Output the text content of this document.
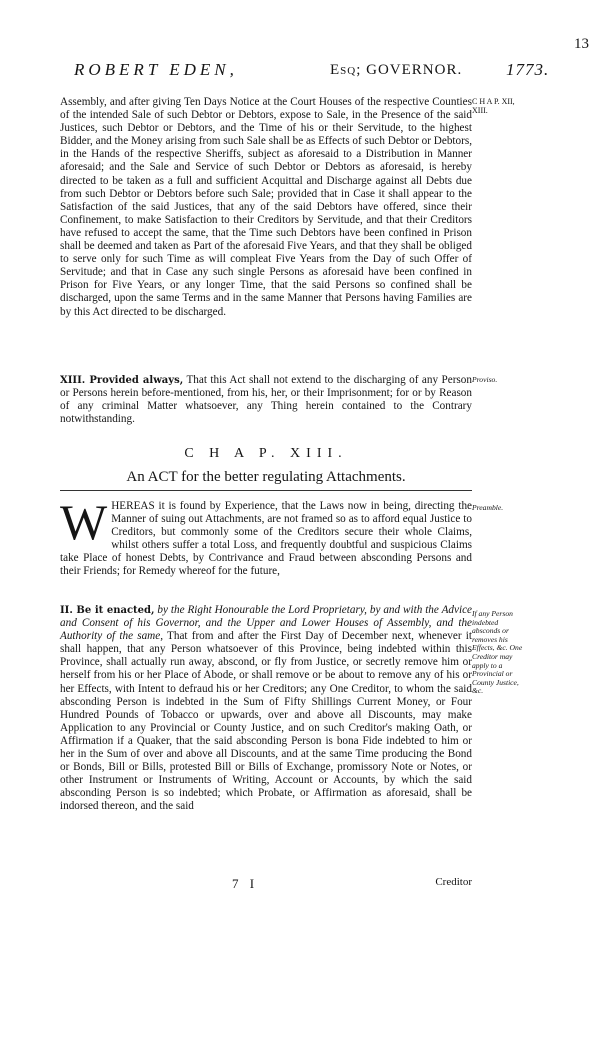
13
ROBERT EDEN,	Esq; GOVERNOR.	1773.
C H A P. XII, XIII.
Proviso.
Preamble.
If any Person indebted absconds or removes his Effects, &c. One Creditor may apply to a Provincial or County Justice, &c.

Assembly, and after giving Ten Days Notice at the Court Houses of the respective Counties of the intended Sale of such Debtor or Debtors, expose to Sale, in the Presence of the said Justices, such Debtor or Debtors, and the Time of his or their Servitude, to the highest Bidder, and the Money arising from such Sale shall be as Effects of such Debtor or Debtors, in the Hands of the respective Sheriffs, subject as aforesaid to a Distribution in Manner aforesaid; and the Sale and Service of such Debtor or Debtors as aforesaid, is hereby directed to be taken as a full and sufficient Acquittal and Discharge against all Debts due from such Debtor or Debtors before such Sale; provided that in Case it shall appear to the Satisfaction of the said Justices, that any of the said Debtors have offered, since their Confinement, to make Satisfaction to their Creditors by Servitude, and that their Creditors have refused to accept the same, that the Time such Debtors have been confined in Prison shall be deemed and taken as Part of the aforesaid Five Years, and that they shall be obliged to serve only for such Time as will compleat Five Years from the Day of such Offer of Servitude; and that in Case any such single Persons as aforesaid have been confined in Prison for Five Years, or any longer Time, that the said Persons so confined shall be discharged, upon the same Terms and in the same Manner that Persons having Families are by this Act directed to be discharged.

XIII. Provided always, That this Act shall not extend to the discharging of any Person or Persons herein before-mentioned, from his, her, or their Imprisonment; for or by Reason of any criminal Matter whatsoever, any Thing herein contained to the Contrary notwithstanding.

C H A P. XIII.
An ACT for the better regulating Attachments.
W HEREAS it is found by Experience, that the Laws now in being, directing the Manner of suing out Attachments, are not framed so as to afford equal Justice to Creditors, but commonly some of the Creditors secure their whole Claims, whilst others suffer a total Loss, and frequently doubtful and suspicious Claims take Place of honest Debts, by Contrivance and Fraud between absconding Persons and their Friends; for Remedy whereof for the future,

II. Be it enacted, by the Right Honourable the Lord Proprietary, by and with the Advice and Consent of his Governor, and the Upper and Lower Houses of Assembly, and the Authority of the same, That from and after the First Day of December next, whenever it shall happen, that any Person whatsoever of this Province, being indebted within this Province, shall actually run away, abscond, or fly from Justice, or secretly remove him or herself from his or her Place of Abode, or shall remove or be about to remove any of his or her Effects, with Intent to defraud his or her Creditors; any One Creditor, to whom the said absconding Person is indebted in the Sum of Fifty Shillings Current Money, or Four Hundred Pounds of Tobacco or upwards, over and above all Discounts, may make Application to any Provincial or County Justice, and on such Creditor's making Oath, or Affirmation if a Quaker, that the said absconding Person is bona Fide indebted to him or her in the Sum of over and above all Discounts, and at the same Time producing the Bond or Bonds, Bill or Bills, protested Bill or Bills of Exchange, promissory Note or Notes, or other Instrument or Instruments of Writing, Account or Accounts, by which the said absconding Person is so indebted; which Probate, or Affirmation as aforesaid, shall be indorsed thereon, and the said

7 I	Creditor
